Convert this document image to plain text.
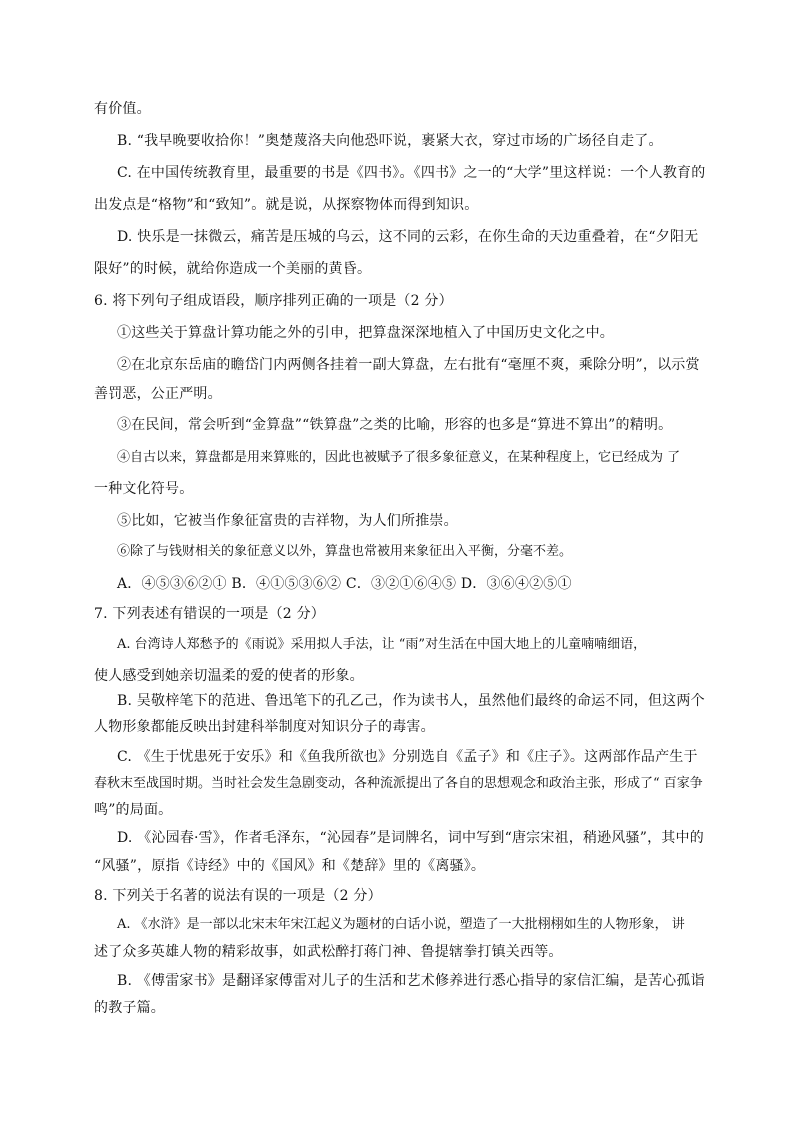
有价值。
B. “我早晚要收拾你！”奥楚蔑洛夫向他恐吓说，裹紧大衣，穿过市场的广场径自走了。
C. 在中国传统教育里，最重要的书是《四书》。《四书》之一的“大学”里这样说：一个人教育的
出发点是“格物”和“致知”。就是说，从探察物体而得到知识。
D. 快乐是一抹微云，痛苦是压城的乌云，这不同的云彩，在你生命的天边重叠着，在“夕阳无
限好”的时候，就给你造成一个美丽的黄昏。
6. 将下列句子组成语段，顺序排列正确的一项是（2 分）
①这些关于算盘计算功能之外的引申，把算盘深深地植入了中国历史文化之中。
②在北京东岳庙的瞻岱门内两侧各挂着一副大算盘，左右批有“毫厘不爽，乘除分明”，以示赏
善罚恶，公正严明。
③在民间，常会听到“金算盘”“铁算盘”之类的比喻，形容的也多是“算进不算出”的精明。
④自古以来，算盘都是用来算账的，因此也被赋予了很多象征意义，在某种程度上，它已经成为 了
一种文化符号。
⑤比如，它被当作象征富贵的吉祥物，为人们所推崇。
⑥除了与钱财相关的象征意义以外，算盘也常被用来象征出入平衡，分毫不差。
A．④⑤③⑥②① B．④①⑤③⑥② C．③②①⑥④⑤ D．③⑥④②⑤①
7. 下列表述有错误的一项是（2 分）
A. 台湾诗人郑愁予的《雨说》采用拟人手法，让 “雨”对生活在中国大地上的儿童喃喃细语，
使人感受到她亲切温柔的爱的使者的形象。
B. 吴敬梓笔下的范进、鲁迅笔下的孔乙己，作为读书人，虽然他们最终的命运不同，但这两个
人物形象都能反映出封建科举制度对知识分子的毒害。
C. 《生于忧患死于安乐》和《鱼我所欲也》分别选自《孟子》和《庄子》。这两部作品产生于
春秋末至战国时期。当时社会发生急剧变动，各种流派提出了各自的思想观念和政治主张，形成了“ 百家争
鸣”的局面。
D. 《沁园春·雪》，作者毛泽东，“沁园春”是词牌名，词中写到“唐宗宋祖，稍逊风骚”，其中的
“风骚”，原指《诗经》中的《国风》和《楚辞》里的《离骚》。
8. 下列关于名著的说法有误的一项是（2 分）
A. 《水浒》是一部以北宋末年宋江起义为题材的白话小说，塑造了一大批栩栩如生的人物形象， 讲
述了众多英雄人物的精彩故事，如武松醉打蒋门神、鲁提辖拳打镇关西等。
B. 《傅雷家书》是翻译家傅雷对儿子的生活和艺术修养进行悉心指导的家信汇编，是苦心孤诣
的教子篇。
